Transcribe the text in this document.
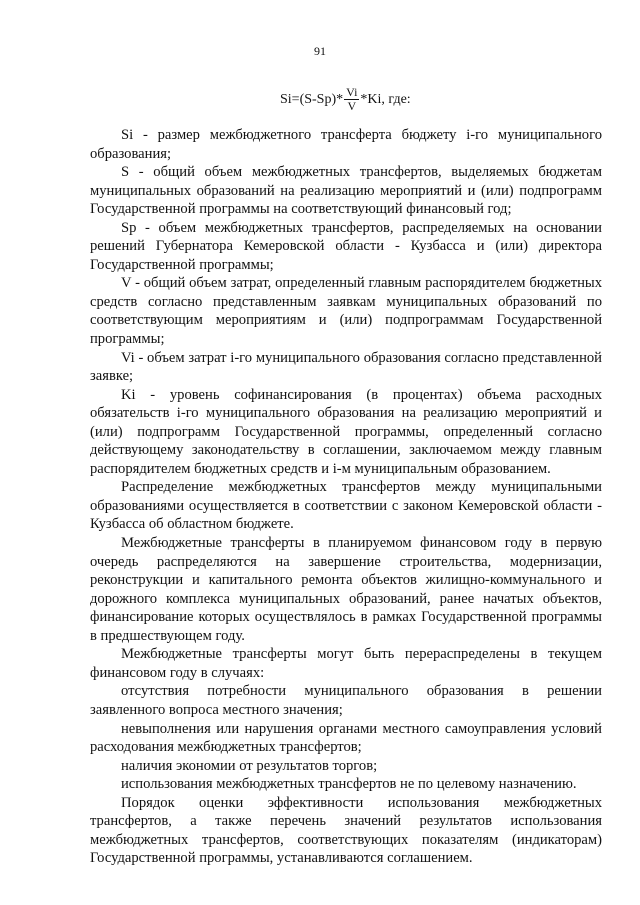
91
$Si=(S-Sp)* \frac{Vi}{V} *Ki$ , где:

Si - размер межбюджетного трансферта бюджету i-го муниципального образования;

S - общий объем межбюджетных трансфертов, выделяемых бюджетам муниципальных образований на реализацию мероприятий и (или) подпрограмм Государственной программы на соответствующий финансовый год;

Sp - объем межбюджетных трансфертов, распределяемых на основании решений Губернатора Кемеровской области - Кузбасса и (или) директора Государственной программы;

V - общий объем затрат, определенный главным распорядителем бюджетных средств согласно представленным заявкам муниципальных образований по соответствующим мероприятиям и (или) подпрограммам Государственной программы;

Vi - объем затрат i-го муниципального образования согласно представленной заявке;

Ki - уровень софинансирования (в процентах) объема расходных обязательств i-го муниципального образования на реализацию мероприятий и (или) подпрограмм Государственной программы, определенный согласно действующему законодательству в соглашении, заключаемом между главным распорядителем бюджетных средств и i-м муниципальным образованием.

Распределение межбюджетных трансфертов между муниципальными образованиями осуществляется в соответствии с законом Кемеровской области - Кузбасса об областном бюджете.

Межбюджетные трансферты в планируемом финансовом году в первую очередь распределяются на завершение строительства, модернизации, реконструкции и капитального ремонта объектов жилищно-коммунального и дорожного комплекса муниципальных образований, ранее начатых объектов, финансирование которых осуществлялось в рамках Государственной программы в предшествующем году.

Межбюджетные трансферты могут быть перераспределены в текущем финансовом году в случаях:

отсутствия потребности муниципального образования в решении заявленного вопроса местного значения;

невыполнения или нарушения органами местного самоуправления условий расходования межбюджетных трансфертов;

наличия экономии от результатов торгов;

использования межбюджетных трансфертов не по целевому назначению.

Порядок оценки эффективности использования межбюджетных трансфертов, а также перечень значений результатов использования межбюджетных трансфертов, соответствующих показателям (индикаторам) Государственной программы, устанавливаются соглашением.
